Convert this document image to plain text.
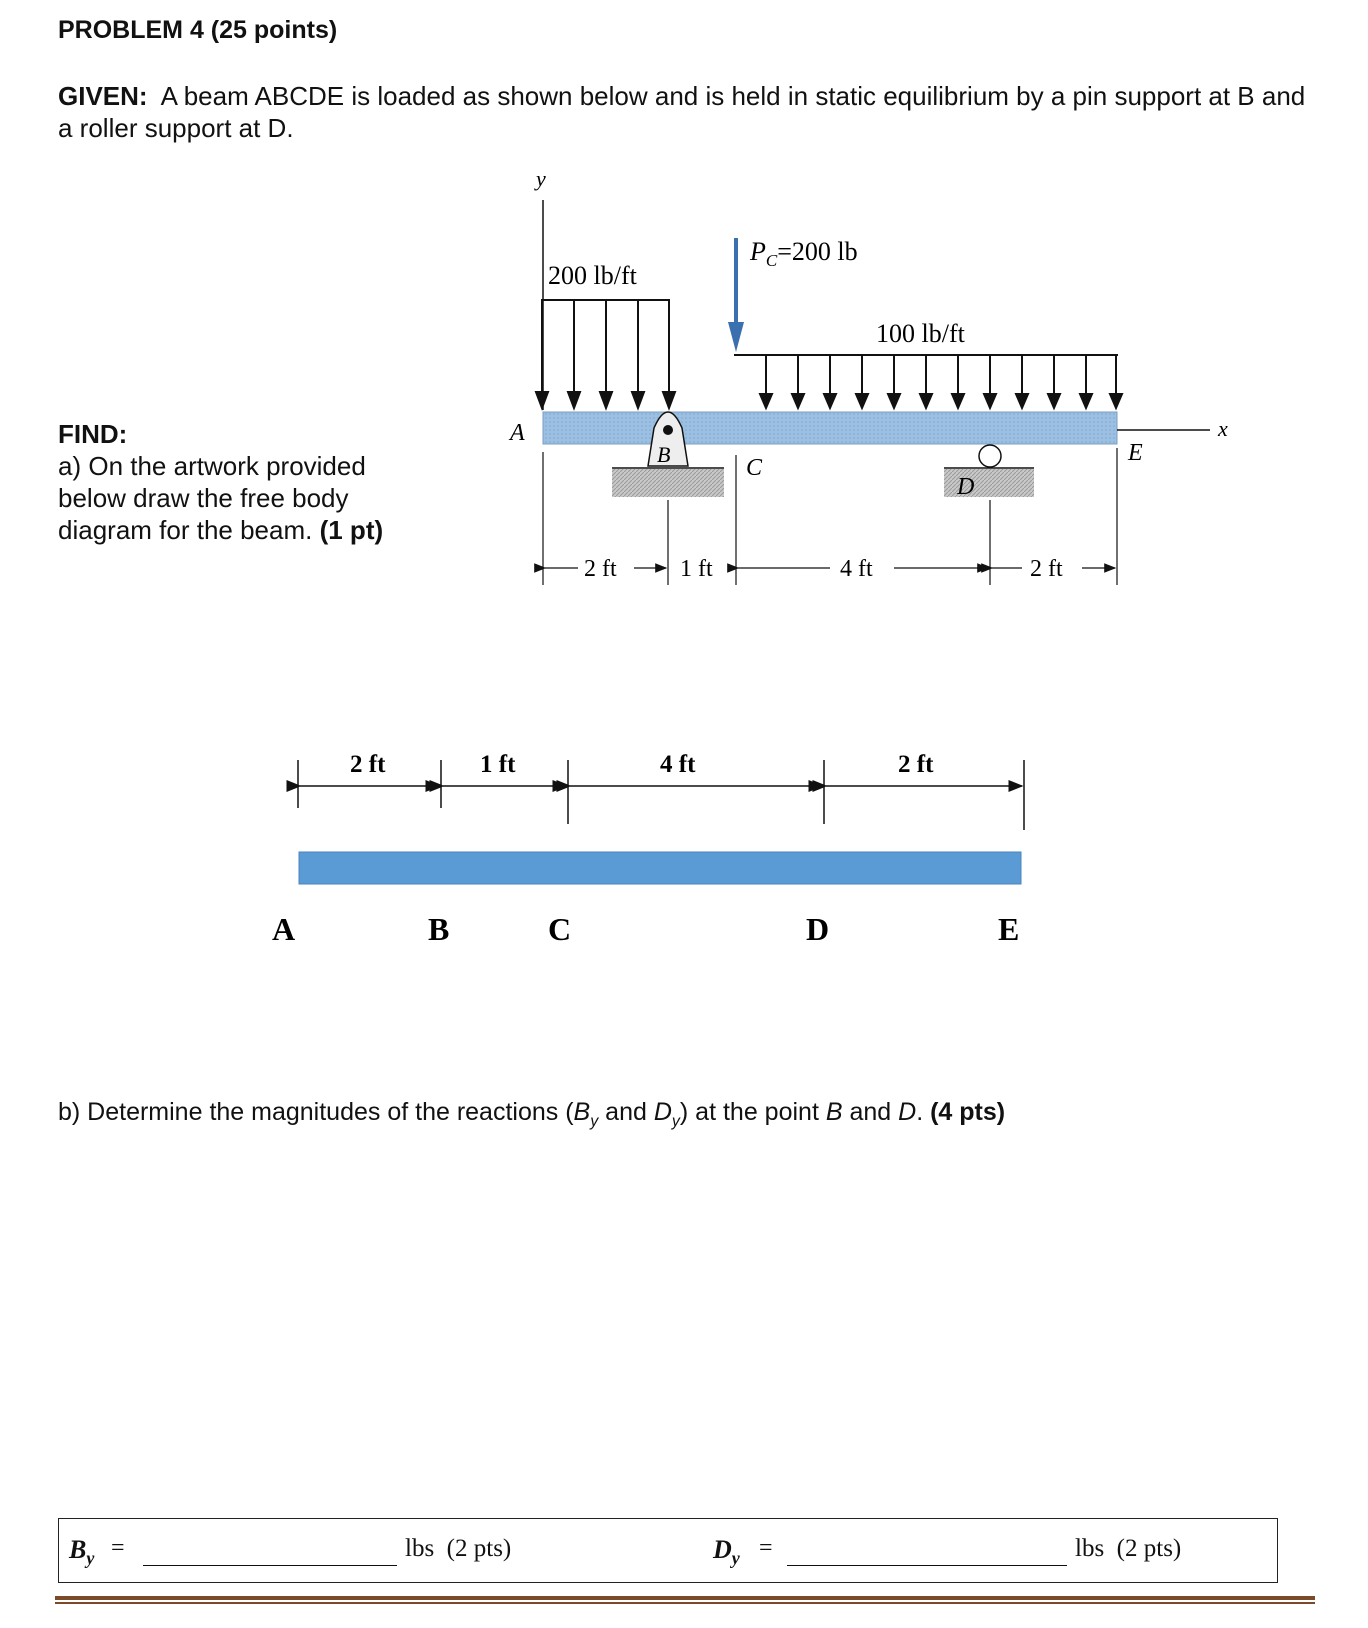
PROBLEM 4 (25 points)
GIVEN: A beam ABCDE is loaded as shown below and is held in static equilibrium by a pin support at B and a roller support at D.
FIND:
a) On the artwork provided below draw the free body diagram for the beam. (1 pt)
y
200 lb/ft
$P_C=200$ lb
100 lb/ft
x
A
B
C
D
E
2 ft	1 ft	4 ft	2 ft
2 ft	1 ft	4 ft	2 ft
A	B	C	D	E
b) Determine the magnitudes of the reactions ($B_y$ and $D_y$) at the point B and D. (4 pts)
$B_y$ =	lbs  (2 pts)	$D_y$ =	lbs  (2 pts)
